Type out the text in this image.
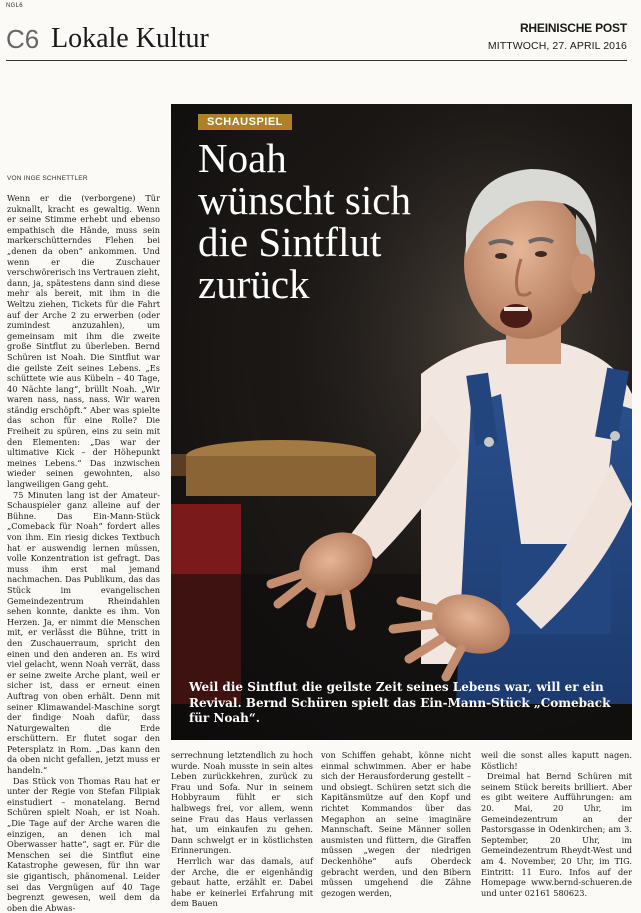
NGL6
C6 Lokale Kultur	RHEINISCHE POST
MITTWOCH, 27. APRIL 2016
SCHAUSPIEL
Noah wünscht sich die Sintflut zurück

Weil die Sintflut die geilste Zeit seines Lebens war, will er ein Revival. Bernd Schüren spielt das Ein-Mann-Stück „Comeback für Noah“.

VON INGE SCHNETTLER

Wenn er die (verborgene) Tür zuknallt, kracht es gewaltig. Wenn er seine Stimme erhebt und ebenso empathisch die Hände, muss sein markerschütterndes Flehen bei „denen da oben“ ankommen. Und wenn er die Zuschauer verschwörerisch ins Vertrauen zieht, dann, ja, spätestens dann sind diese mehr als bereit, mit ihm in die Weltzu ziehen, Tickets für die Fahrt auf der Arche 2 zu erwerben (oder zumindest anzuzahlen), um gemeinsam mit ihm die zweite große Sintflut zu überleben. Bernd Schüren ist Noah. Die Sintflut war die geilste Zeit seines Lebens. „Es schüttete wie aus Kübeln – 40 Tage, 40 Nächte lang“, brüllt Noah. „Wir waren nass, nass, nass. Wir waren ständig erschöpft.“ Aber was spielte das schon für eine Rolle? Die Freiheit zu spüren, eins zu sein mit den Elementen: „Das war der ultimative Kick – der Höhepunkt meines Lebens.“ Das inzwischen wieder seinen gewohnten, also langweiligen Gang geht.

75 Minuten lang ist der Amateur-Schauspieler ganz alleine auf der Bühne. Das Ein-Mann-Stück „Comeback für Noah“ fordert alles von ihm. Ein riesig dickes Textbuch hat er auswendig lernen müssen, volle Konzentration ist gefragt. Das muss ihm erst mal jemand nachmachen. Das Publikum, das das Stück im evangelischen Gemeindezentrum Rheindahlen sehen konnte, dankte es ihm. Von Herzen. Ja, er nimmt die Menschen mit, er verlässt die Bühne, tritt in den Zuschauerraum, spricht den einen und den anderen an. Es wird viel gelacht, wenn Noah verrät, dass er seine zweite Arche plant, weil er sicher ist, dass er erneut einen Auftrag von oben erhält. Denn mit seiner Klimawandel-Maschine sorgt der findige Noah dafür, dass Naturgewalten die Erde erschüttern. Er flutet sogar den Petersplatz in Rom. „Das kann den da oben nicht gefallen, jetzt muss er handeln.“

Das Stück von Thomas Rau hat er unter der Regie von Stefan Filipiak einstudiert – monatelang. Bernd Schüren spielt Noah, er ist Noah. „Die Tage auf der Arche waren die einzigen, an denen ich mal Oberwasser hatte“, sagt er. Für die Menschen sei die Sintflut eine Katastrophe gewesen, für ihn war sie gigantisch, phänomenal. Leider sei das Vergnügen auf 40 Tage begrenzt gewesen, weil dem da oben die Abwas-

serrechnung letztendlich zu hoch wurde. Noah musste in sein altes Leben zurückkehren, zurück zu Frau und Sofa. Nur in seinem Hobbyraum fühlt er sich halbwegs frei, vor allem, wenn seine Frau das Haus verlassen hat, um einkaufen zu gehen. Dann schwelgt er in köstlichsten Erinnerungen.

Herrlich war das damals, auf der Arche, die er eigenhändig gebaut hatte, erzählt er. Dabei habe er keinerlei Erfahrung mit dem Bauen

von Schiffen gehabt, könne nicht einmal schwimmen. Aber er habe sich der Herausforderung gestellt – und obsiegt. Schüren setzt sich die Kapitänsmütze auf den Kopf und richtet Kommandos über das Megaphon an seine imaginäre Mannschaft. Seine Männer sollen ausmisten und füttern, die Giraffen müssen „wegen der niedrigen Deckenhöhe“ aufs Oberdeck gebracht werden, und den Bibern müssen umgehend die Zähne gezogen werden,

weil die sonst alles kaputt nagen. Köstlich!

Dreimal hat Bernd Schüren mit seinem Stück bereits brilliert. Aber es gibt weitere Aufführungen: am 20. Mai, 20 Uhr, im Gemeindezentrum an der Pastorsgasse in Odenkirchen; am 3. September, 20 Uhr, im Gemeindezentrum Rheydt-West und am 4. November, 20 Uhr, im TIG. Eintritt: 11 Euro. Infos auf der Homepage www.bernd-schueren.de und unter 02161 580623.
